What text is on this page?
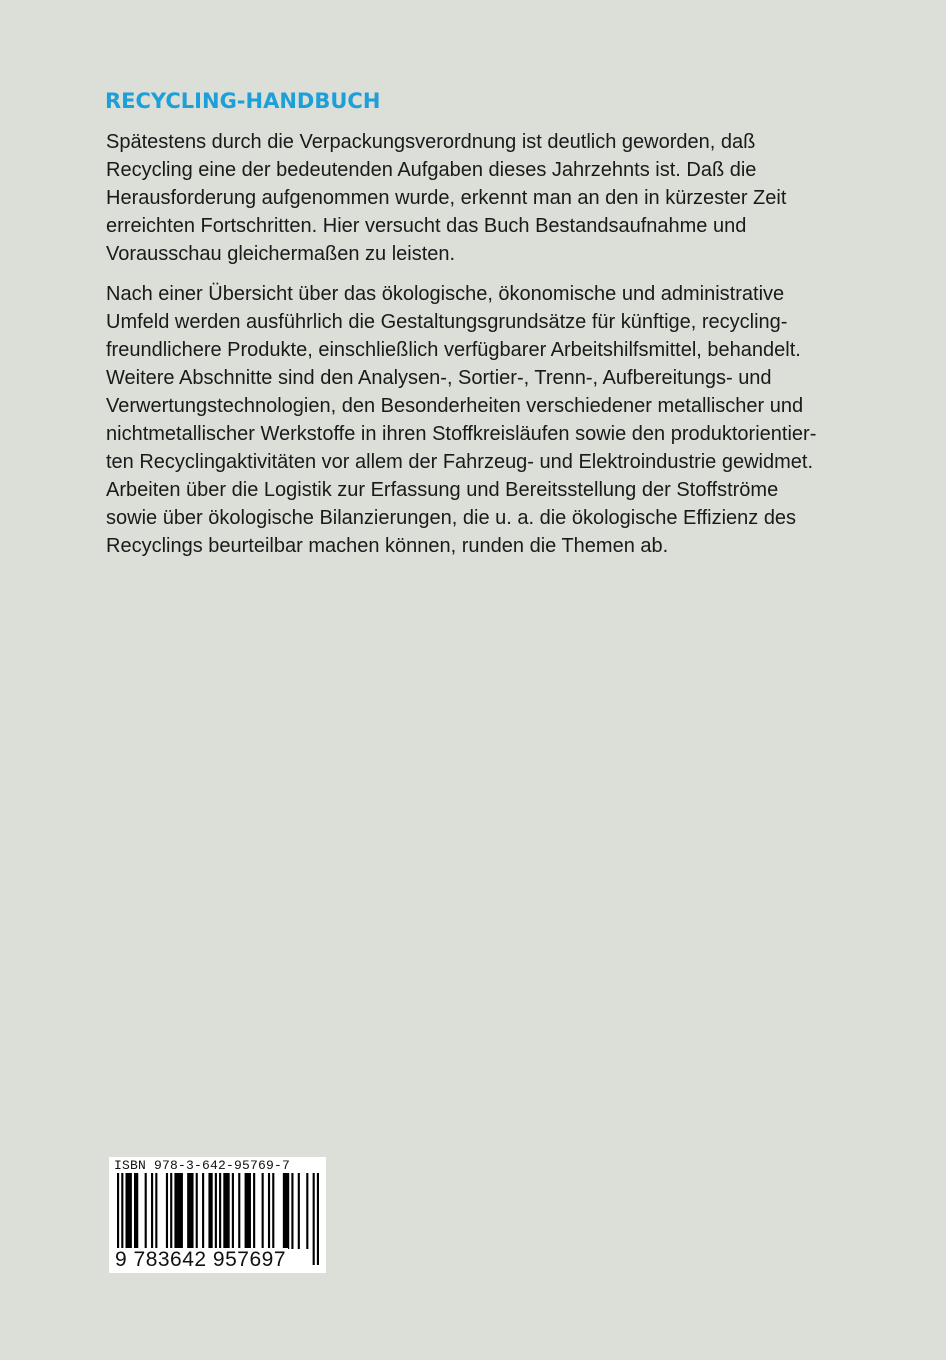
RECYCLING-HANDBUCH

Spätestens durch die Verpackungsverordnung ist deutlich geworden, daß
Recycling eine der bedeutenden Aufgaben dieses Jahrzehnts ist. Daß die
Herausforderung aufgenommen wurde, erkennt man an den in kürzester Zeit
erreichten Fortschritten. Hier versucht das Buch Bestandsaufnahme und
Vorausschau gleichermaßen zu leisten.

Nach einer Übersicht über das ökologische, ökonomische und administrative
Umfeld werden ausführlich die Gestaltungsgrundsätze für künftige, recycling-
freundlichere Produkte, einschließlich verfügbarer Arbeitshilfsmittel, behandelt.
Weitere Abschnitte sind den Analysen-, Sortier-, Trenn-, Aufbereitungs- und
Verwertungstechnologien, den Besonderheiten verschiedener metallischer und
nichtmetallischer Werkstoffe in ihren Stoffkreisläufen sowie den produktorientier-
ten Recyclingaktivitäten vor allem der Fahrzeug- und Elektroindustrie gewidmet.
Arbeiten über die Logistik zur Erfassung und Bereitsstellung der Stoffströme
sowie über ökologische Bilanzierungen, die u. a. die ökologische Effizienz des
Recyclings beurteilbar machen können, runden die Themen ab.

ISBN 978-3-642-95769-7
9 783642 957697
